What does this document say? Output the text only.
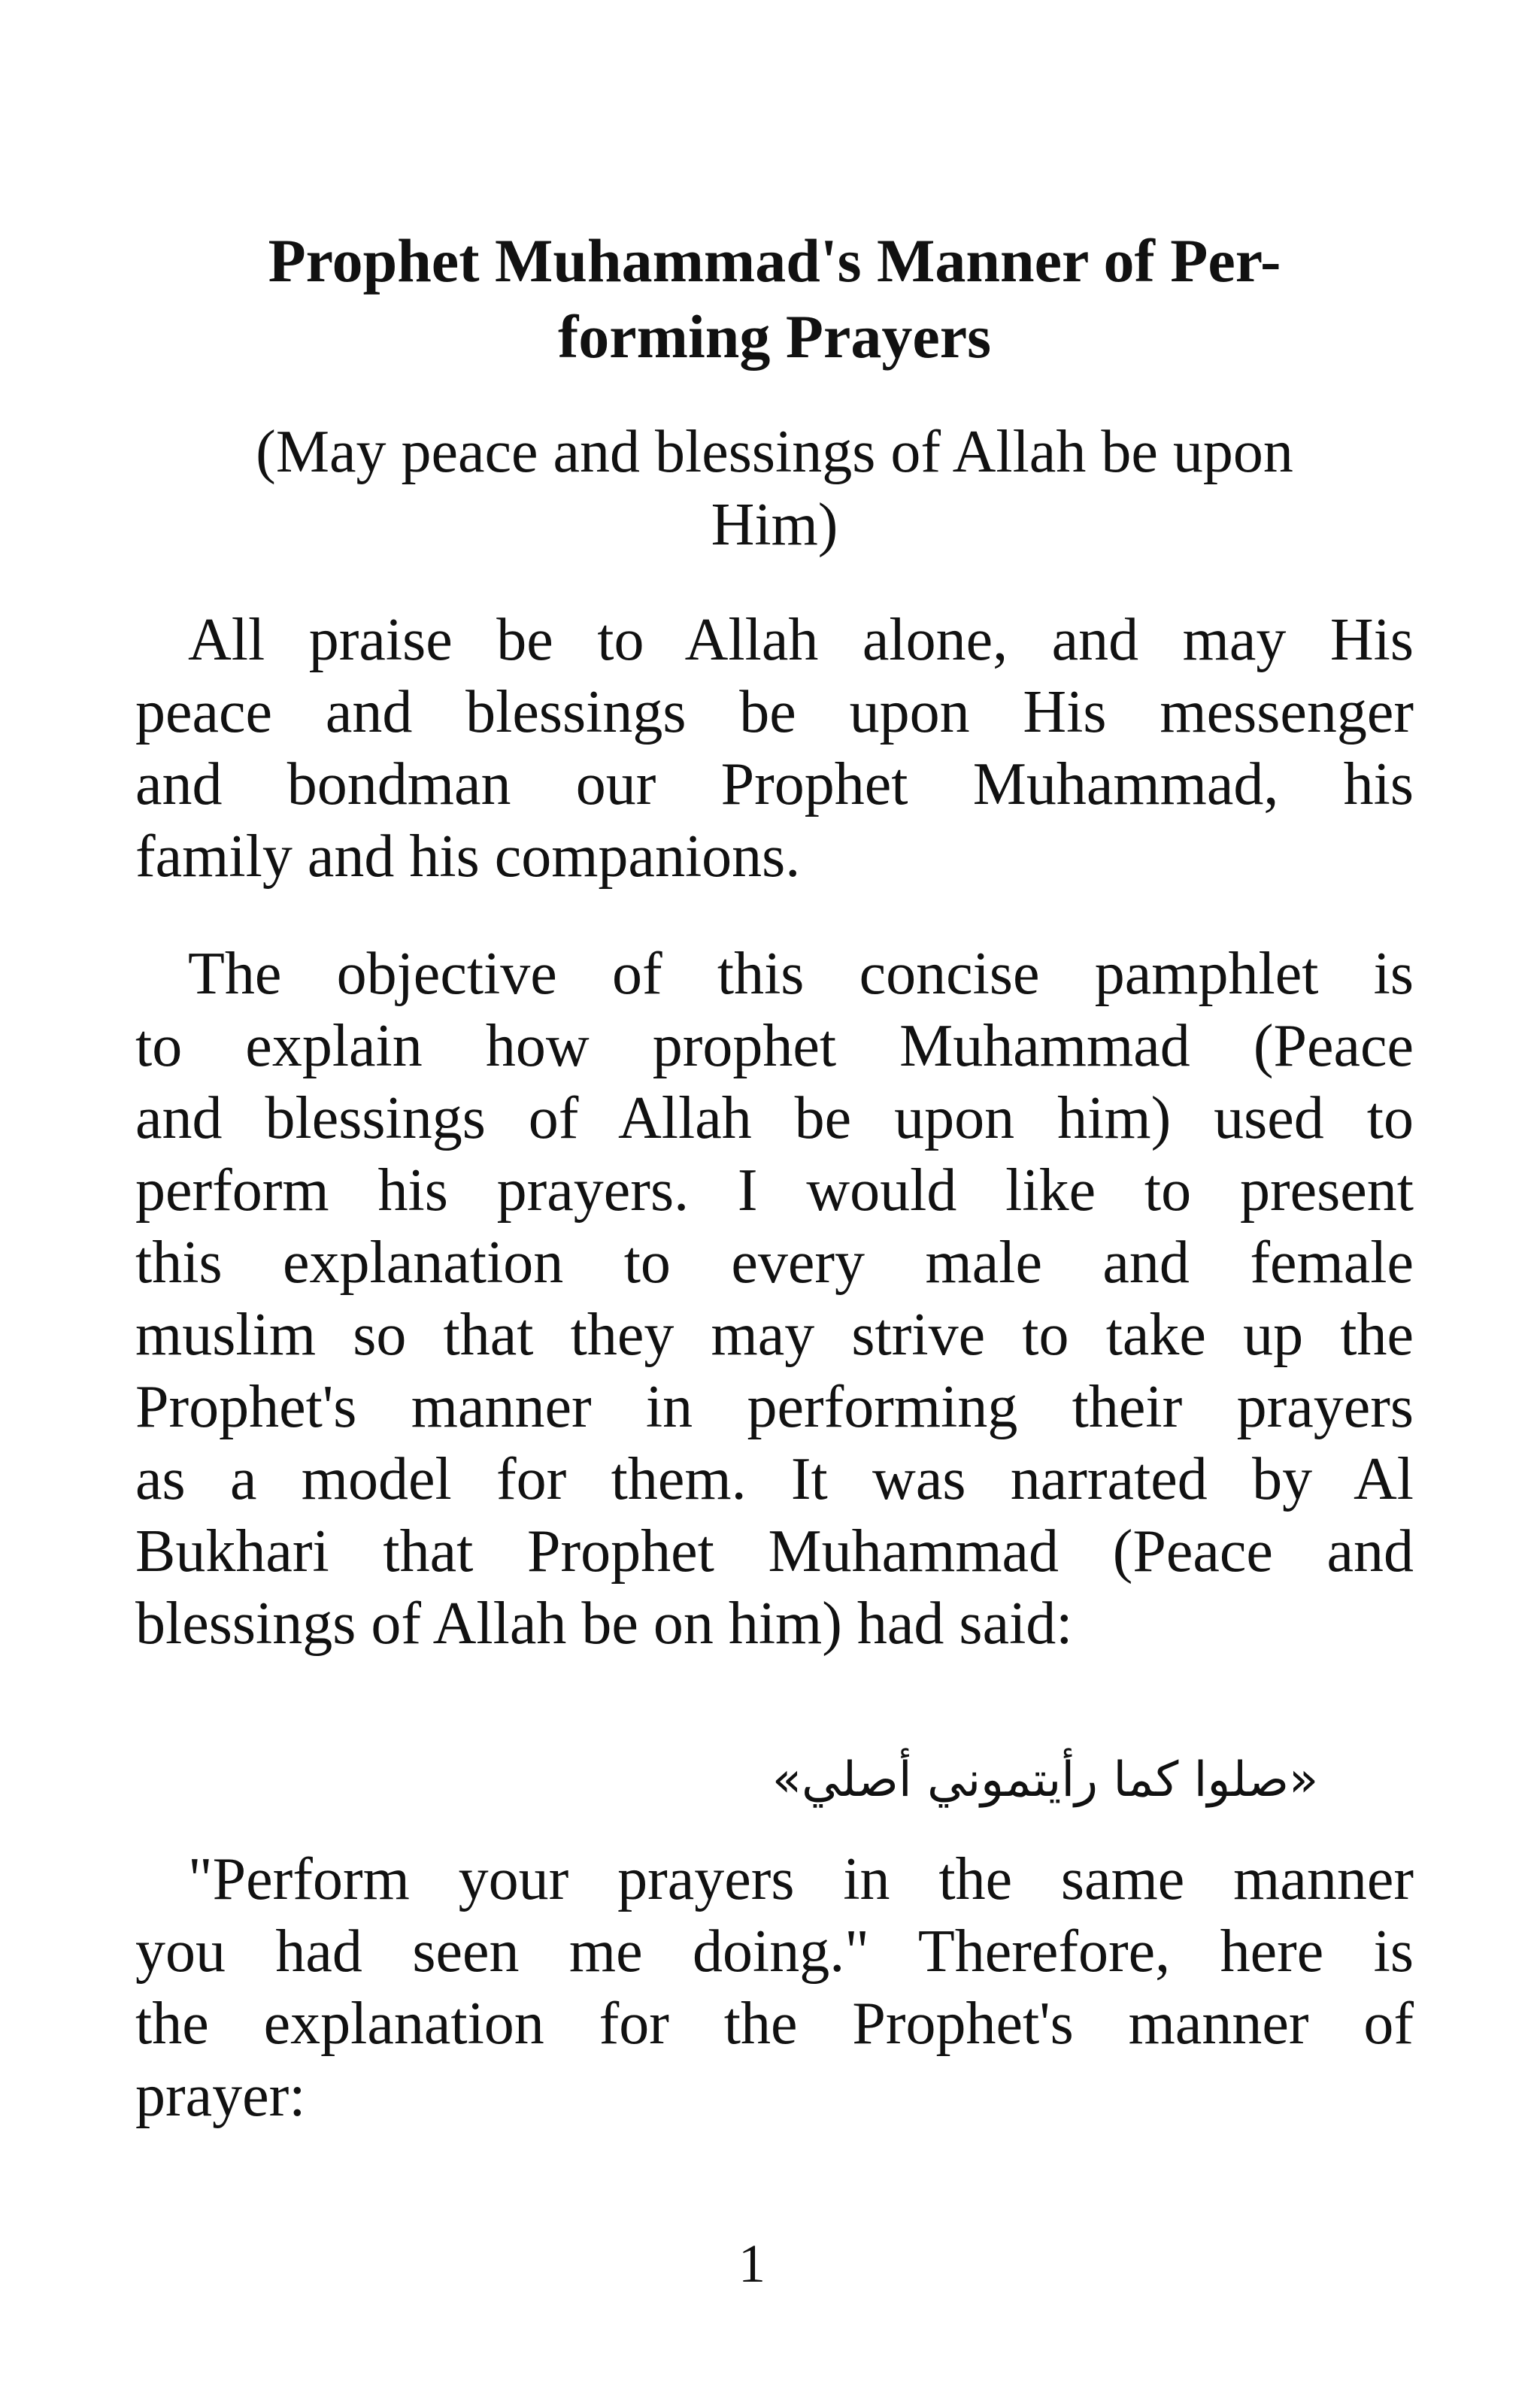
Prophet Muhammad's Manner of Per-
forming Prayers
(May peace and blessings of Allah be upon
Him)
All praise be to Allah alone, and may His
peace and blessings be upon His messenger
and bondman our Prophet Muhammad, his
family and his companions.
The objective of this concise pamphlet is
to explain how prophet Muhammad (Peace
and blessings of Allah be upon him) used to
perform his prayers. I would like to present
this explanation to every male and female
muslim so that they may strive to take up the
Prophet's manner in performing their prayers
as a model for them. It was narrated by Al
Bukhari that Prophet Muhammad (Peace and
blessings of Allah be on him) had said:
«صلوا كما رأيتموني أصلي»
"Perform your prayers in the same manner
you had seen me doing." Therefore, here is
the explanation for the Prophet's manner of
prayer:
1
